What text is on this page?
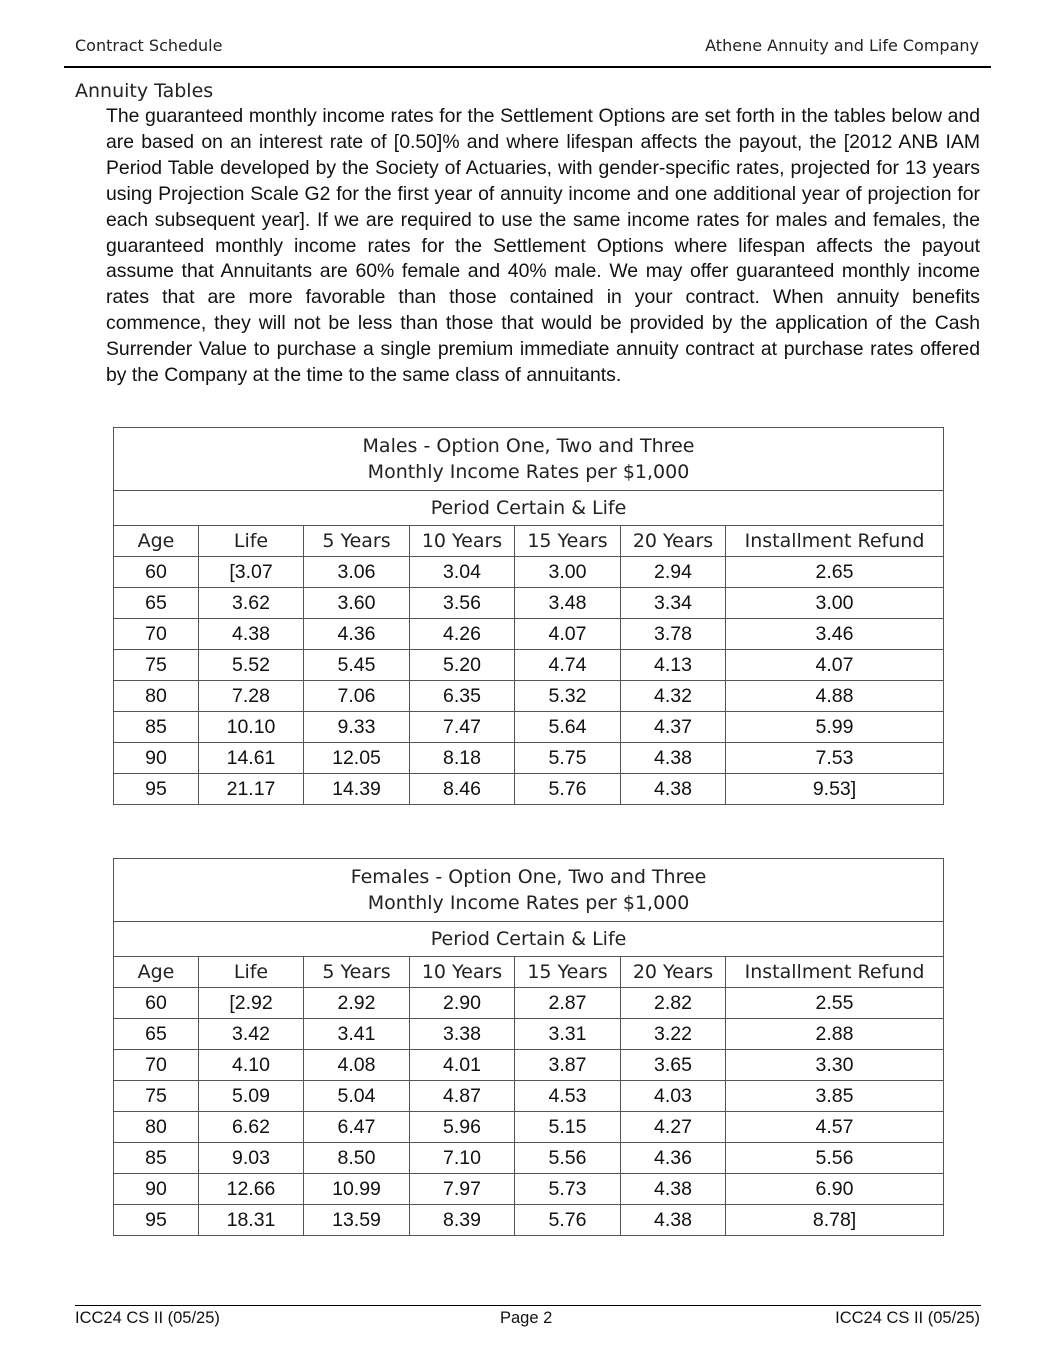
Contract Schedule	Athene Annuity and Life Company
Annuity Tables

The guaranteed monthly income rates for the Settlement Options are set forth in the tables below and are based on an interest rate of [0.50]% and where lifespan affects the payout, the [2012 ANB IAM Period Table developed by the Society of Actuaries, with gender-specific rates, projected for 13 years using Projection Scale G2 for the first year of annuity income and one additional year of projection for each subsequent year]. If we are required to use the same income rates for males and females, the guaranteed monthly income rates for the Settlement Options where lifespan affects the payout assume that Annuitants are 60% female and 40% male. We may offer guaranteed monthly income rates that are more favorable than those contained in your contract. When annuity benefits commence, they will not be less than those that would be provided by the application of the Cash Surrender Value to purchase a single premium immediate annuity contract at purchase rates offered by the Company at the time to the same class of annuitants.

Males - Option One, Two and Three
Monthly Income Rates per $1,000						

Period Certain & Life						
Age	Life	5 Years	10 Years	15 Years	20 Years	Installment Refund
60	[3.07	3.06	3.04	3.00	2.94	2.65
65	3.62	3.60	3.56	3.48	3.34	3.00
70	4.38	4.36	4.26	4.07	3.78	3.46
75	5.52	5.45	5.20	4.74	4.13	4.07
80	7.28	7.06	6.35	5.32	4.32	4.88
85	10.10	9.33	7.47	5.64	4.37	5.99
90	14.61	12.05	8.18	5.75	4.38	7.53
95	21.17	14.39	8.46	5.76	4.38	9.53]
Females - Option One, Two and Three
Monthly Income Rates per $1,000						

Period Certain & Life						
Age	Life	5 Years	10 Years	15 Years	20 Years	Installment Refund
60	[2.92	2.92	2.90	2.87	2.82	2.55
65	3.42	3.41	3.38	3.31	3.22	2.88
70	4.10	4.08	4.01	3.87	3.65	3.30
75	5.09	5.04	4.87	4.53	4.03	3.85
80	6.62	6.47	5.96	5.15	4.27	4.57
85	9.03	8.50	7.10	5.56	4.36	5.56
90	12.66	10.99	7.97	5.73	4.38	6.90
95	18.31	13.59	8.39	5.76	4.38	8.78]
ICC24 CS II (05/25)	Page 2	ICC24 CS II (05/25)
